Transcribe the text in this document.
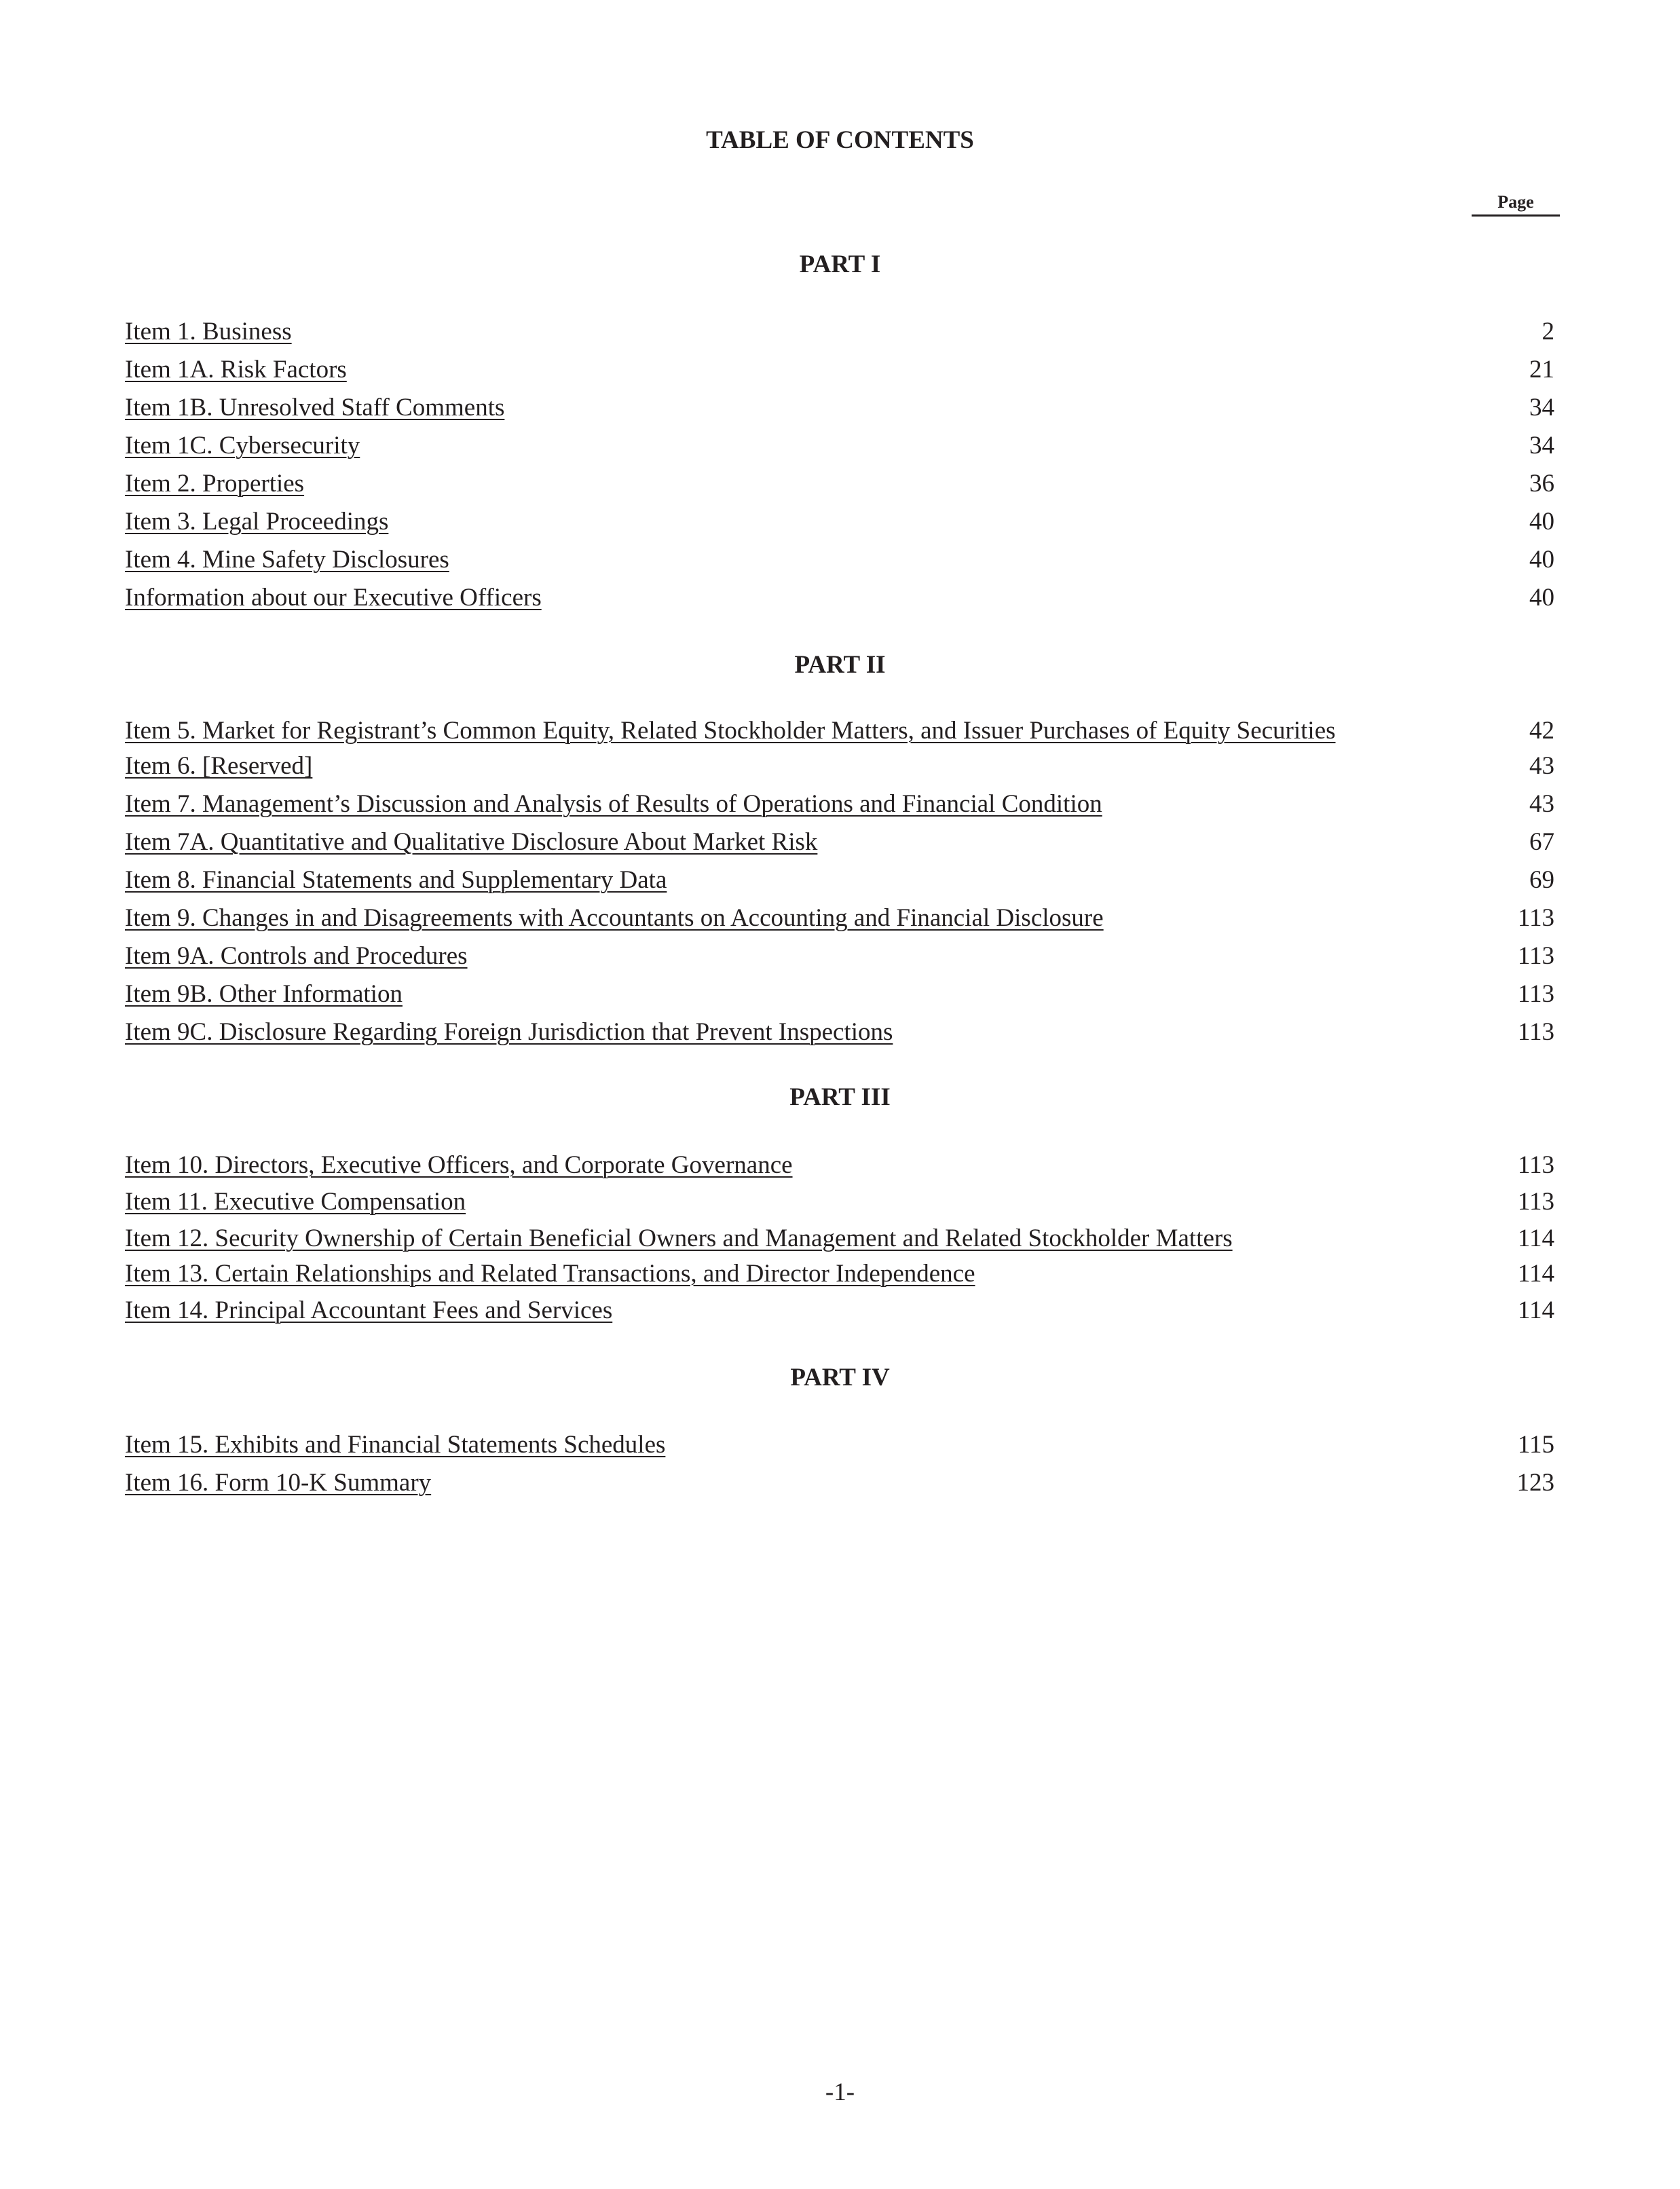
TABLE OF CONTENTS
Page
PART I
Item 1. Business	2
Item 1A. Risk Factors	21
Item 1B. Unresolved Staff Comments	34
Item 1C. Cybersecurity	34
Item 2. Properties	36
Item 3. Legal Proceedings	40
Item 4. Mine Safety Disclosures	40
Information about our Executive Officers	40
PART II
Item 5. Market for Registrant’s Common Equity, Related Stockholder Matters, and Issuer Purchases of Equity Securities	42
Item 6. [Reserved]	43
Item 7. Management’s Discussion and Analysis of Results of Operations and Financial Condition	43
Item 7A. Quantitative and Qualitative Disclosure About Market Risk	67
Item 8. Financial Statements and Supplementary Data	69
Item 9. Changes in and Disagreements with Accountants on Accounting and Financial Disclosure	113
Item 9A. Controls and Procedures	113
Item 9B. Other Information	113
Item 9C. Disclosure Regarding Foreign Jurisdiction that Prevent Inspections	113
PART III
Item 10. Directors, Executive Officers, and Corporate Governance	113
Item 11. Executive Compensation	113
Item 12. Security Ownership of Certain Beneficial Owners and Management and Related Stockholder Matters	114
Item 13. Certain Relationships and Related Transactions, and Director Independence	114
Item 14. Principal Accountant Fees and Services	114
PART IV
Item 15. Exhibits and Financial Statements Schedules	115
Item 16. Form 10-K Summary	123
-1-
